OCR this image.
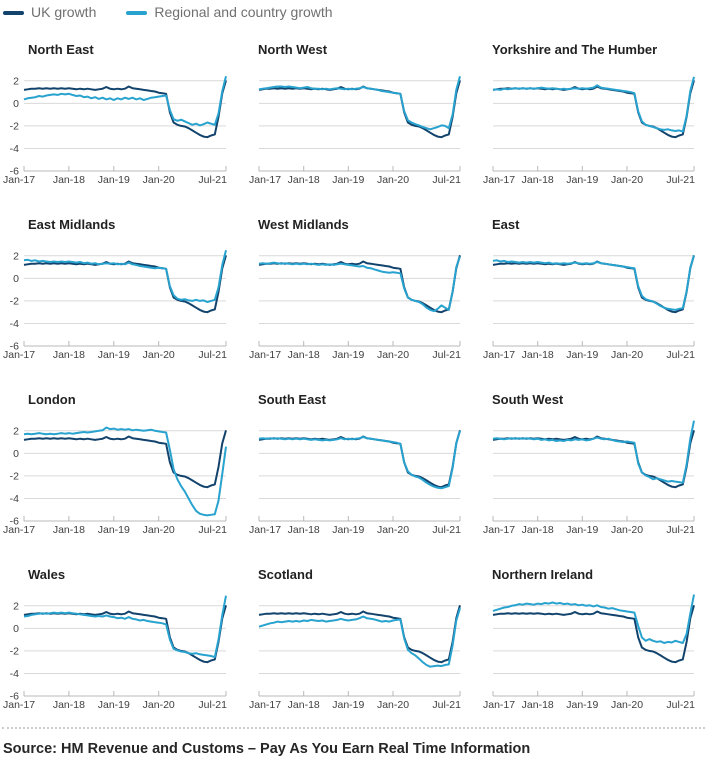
UK growth	Regional and country growth
North East
2
0
-2
-4
-6
Jan-17 Jan-18 Jan-19 Jan-20 Jul-21
North West
Jan-17 Jan-18 Jan-19 Jan-20 Jul-21
Yorkshire and The Humber
Jan-17 Jan-18 Jan-19 Jan-20 Jul-21
East Midlands
2
0
-2
-4
-6
Jan-17 Jan-18 Jan-19 Jan-20 Jul-21
West Midlands
Jan-17 Jan-18 Jan-19 Jan-20 Jul-21
East
Jan-17 Jan-18 Jan-19 Jan-20 Jul-21
London
2
0
-2
-4
-6
Jan-17 Jan-18 Jan-19 Jan-20 Jul-21
South East
Jan-17 Jan-18 Jan-19 Jan-20 Jul-21
South West
Jan-17 Jan-18 Jan-19 Jan-20 Jul-21
Wales
2
0
-2
-4
-6
Jan-17 Jan-18 Jan-19 Jan-20 Jul-21
Scotland
Jan-17 Jan-18 Jan-19 Jan-20 Jul-21
Northern Ireland
Jan-17 Jan-18 Jan-19 Jan-20 Jul-21
Source: HM Revenue and Customs – Pay As You Earn Real Time Information
